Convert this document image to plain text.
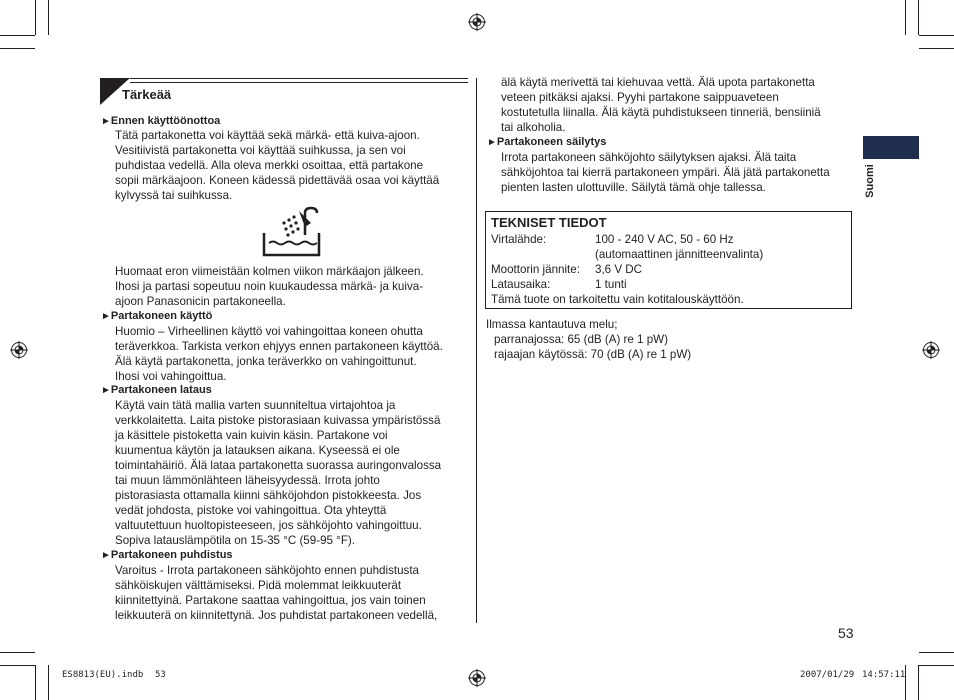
Tärkeää
►Ennen käyttöönottoa
Tätä partakonetta voi käyttää sekä märkä- että kuiva-ajoon.
Vesitiivistä partakonetta voi käyttää suihkussa, ja sen voi
puhdistaa vedellä. Alla oleva merkki osoittaa, että partakone
sopii märkäajoon. Koneen kädessä pidettävää osaa voi käyttää
kylvyssä tai suihkussa.
Huomaat eron viimeistään kolmen viikon märkäajon jälkeen.
Ihosi ja partasi sopeutuu noin kuukaudessa märkä- ja kuiva-
ajoon Panasonicin partakoneella.
►Partakoneen käyttö
Huomio – Virheellinen käyttö voi vahingoittaa koneen ohutta
teräverkkoa. Tarkista verkon ehjyys ennen partakoneen käyttöä.
Älä käytä partakonetta, jonka teräverkko on vahingoittunut.
Ihosi voi vahingoittua.
►Partakoneen lataus
Käytä vain tätä mallia varten suunniteltua virtajohtoa ja
verkkolaitetta. Laita pistoke pistorasiaan kuivassa ympäristössä
ja käsittele pistoketta vain kuivin käsin. Partakone voi
kuumentua käytön ja latauksen aikana. Kyseessä ei ole
toimintahäiriö. Älä lataa partakonetta suorassa auringonvalossa
tai muun lämmönlähteen läheisyydessä. Irrota johto
pistorasiasta ottamalla kiinni sähköjohdon pistokkeesta. Jos
vedät johdosta, pistoke voi vahingoittua. Ota yhteyttä
valtuutettuun huoltopisteeseen, jos sähköjohto vahingoittuu.
Sopiva latauslämpötila on 15-35 °C (59-95 °F).
►Partakoneen puhdistus
Varoitus - Irrota partakoneen sähköjohto ennen puhdistusta
sähköiskujen välttämiseksi. Pidä molemmat leikkuuterät
kiinnitettyinä. Partakone saattaa vahingoittua, jos vain toinen
leikkuuterä on kiinnitettynä. Jos puhdistat partakoneen vedellä,
älä käytä merivettä tai kiehuvaa vettä. Älä upota partakonetta
veteen pitkäksi ajaksi. Pyyhi partakone saippuaveteen
kostutetulla liinalla. Älä käytä puhdistukseen tinneriä, bensiiniä
tai alkoholia.
►Partakoneen säilytys
Irrota partakoneen sähköjohto säilytyksen ajaksi. Älä taita
sähköjohtoa tai kierrä partakoneen ympäri. Älä jätä partakonetta
pienten lasten ulottuville. Säilytä tämä ohje tallessa.
TEKNISET TIEDOT
Virtalähde:	100 - 240 V AC, 50 - 60 Hz
(automaattinen jännitteenvalinta)
Moottorin jännite: 3,6 V DC
Latausaika:	1 tunti
Tämä tuote on tarkoitettu vain kotitalouskäyttöön.
Ilmassa kantautuva melu;
parranajossa: 65 (dB (A) re 1 pW)
rajaajan käytössä: 70 (dB (A) re 1 pW)
Suomi
53
ES8813(EU).indb 53	2007/01/29 14:57:11
